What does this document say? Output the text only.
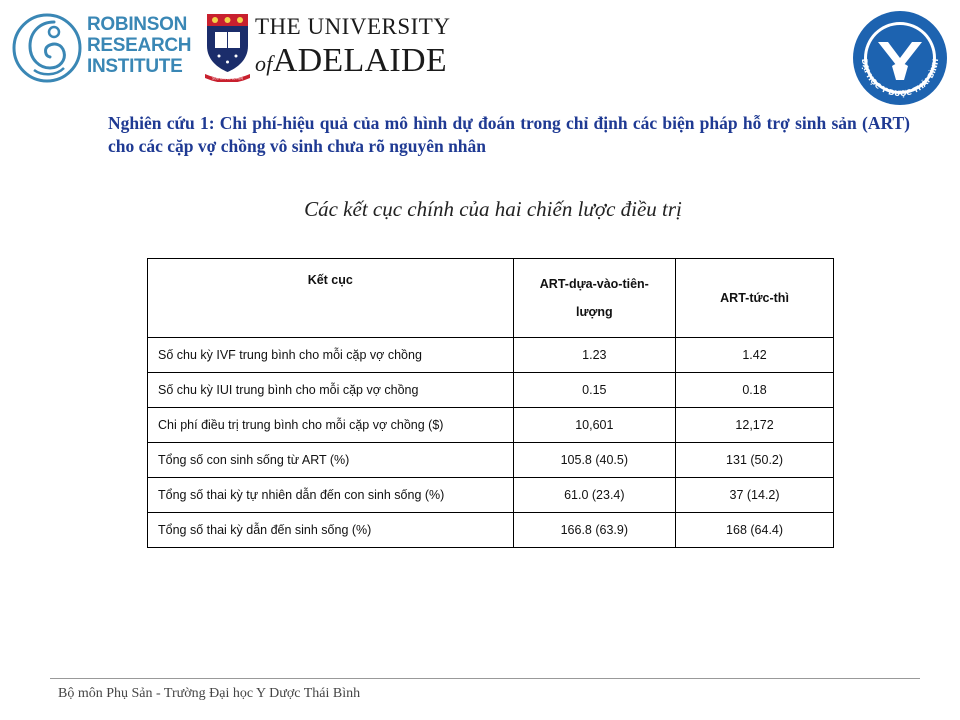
ROBINSON
RESEARCH
INSTITUTE
SUB CRUCE LUMEN
THE UNIVERSITY
ofADELAIDE	ĐẠI HỌC Y DƯỢC THÁI BÌNH
Nghiên cứu 1: Chi phí-hiệu quả của mô hình dự đoán trong chỉ định các biện pháp hỗ trợ sinh sản (ART) cho các cặp vợ chồng vô sinh chưa rõ nguyên nhân
Các kết cục chính của hai chiến lược điều trị
Kết cục	ART-dựa-vào-tiên-lượng	ART-tức-thì
Số chu kỳ IVF trung bình cho mỗi cặp vợ chồng	1.23	1.42
Số chu kỳ IUI trung bình cho mỗi cặp vợ chồng	0.15	0.18
Chi phí điều trị trung bình cho mỗi cặp vợ chồng ($)	10,601	12,172
Tổng số con sinh sống từ ART (%)	105.8 (40.5)	131 (50.2)
Tổng số thai kỳ tự nhiên dẫn đến con sinh sống (%)	61.0 (23.4)	37 (14.2)
Tổng số thai kỳ dẫn đến sinh sống (%)	166.8 (63.9)	168 (64.4)
Bộ môn Phụ Sản - Trường Đại học Y Dược Thái Bình
